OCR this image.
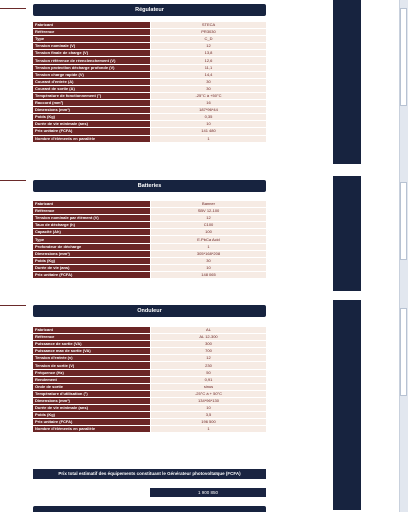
Régulateur
Fabricant	STECA
Référence	PR3030
Type	C_D
Tension nominale (V)	12
Tension finale de charge (V)	13,8
Tension référence de réenclenchement (V)	12,6
Tension protection décharge profonde (V)	11,1
Tension charge rapide (V)	14,4
Courant d'entrée (A)	30
Courant de sortie (A)	30
Température de fonctionnement (°)	-25°C à +50°C
Raccord (mm²)	16
Dimensions (mm³)	187*96*44
Poids (Kg)	0,35
Durée de vie minimale (ans)	10
Prix unitaire (FCFA)	141 480
Nombre d'éléments en parallèle	1
Batteries
Fabricant	Banner
Référence	SBV 12-100
Tension nominale par élément (V)	12
Taux de décharge (h)	C100
Capacité (Ah)	100
Type	E.PbCa Acid
Profondeur de décharge	1
Dimensions (mm³)	305*168*208
Poids (Kg)	30
Durée de vie (ans)	10
Prix unitaire (FCFA)	148 065
Onduleur
Fabricant	AL
Référence	AL 12-300
Puissance de sortie (VA)	300
Puissance max de sortie (VA)	700
Tension d'entrée (v)	12
Tension de sortie (V)	230
Fréquence (Hz)	50
Rendement	0,91
Onde de sortie	sinus
Température d'utilisation (°)	-25°C à + 50°C
Dimensions (mm³)	134*96*130
Durée de vie minimale (ans)	10
Poids (Kg)	3,5
Prix unitaire (FCFA)	196 500
Nombre d'éléments en parallèle	1
Prix total estimatif des équipements constituant le Générateur photovoltaïque (FCFA)
1 900 850
